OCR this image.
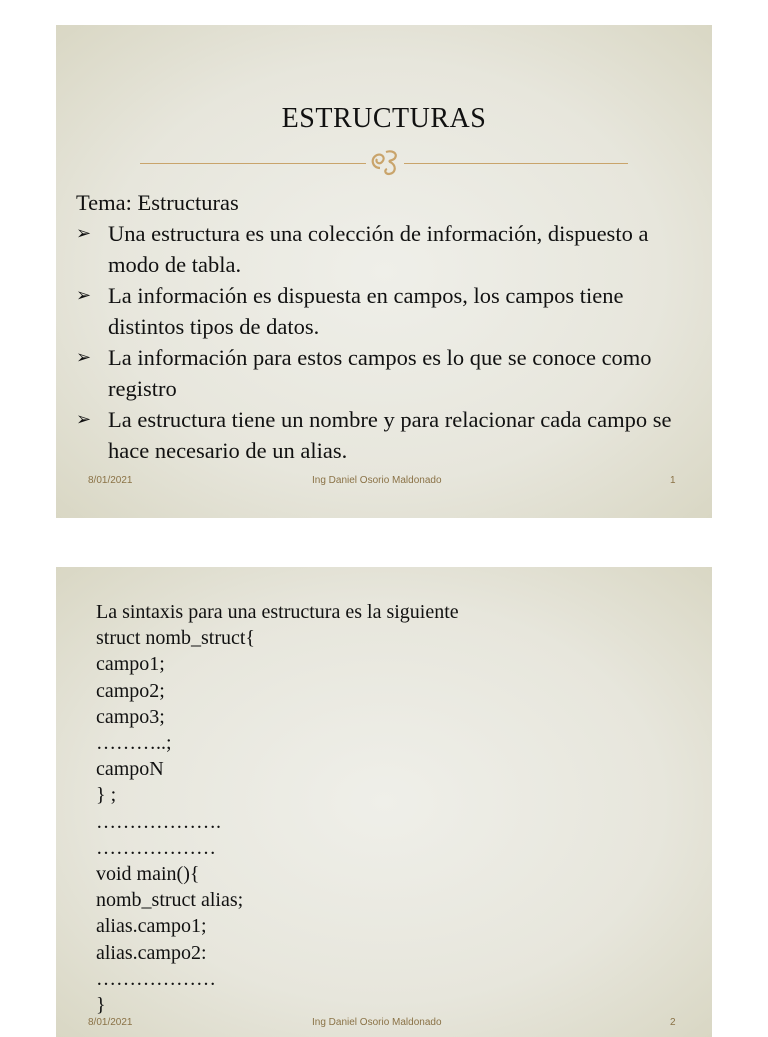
ESTRUCTURAS
Tema: Estructuras
➢ Una estructura es una colección de información, dispuesto a modo de tabla.
➢ La información es dispuesta en campos, los campos tiene distintos tipos de datos.
➢ La información para estos campos es lo que se conoce como registro
➢ La estructura tiene un nombre y para relacionar cada campo se hace necesario de un alias.
8/01/2021	Ing Daniel Osorio Maldonado	1
La sintaxis para una estructura es la siguiente
struct nomb_struct{
campo1;
campo2;
campo3;
………..;
campoN
} ;
……………….
………………
void main(){
nomb_struct alias;
alias.campo1;
alias.campo2:
………………
}
8/01/2021	Ing Daniel Osorio Maldonado	2
